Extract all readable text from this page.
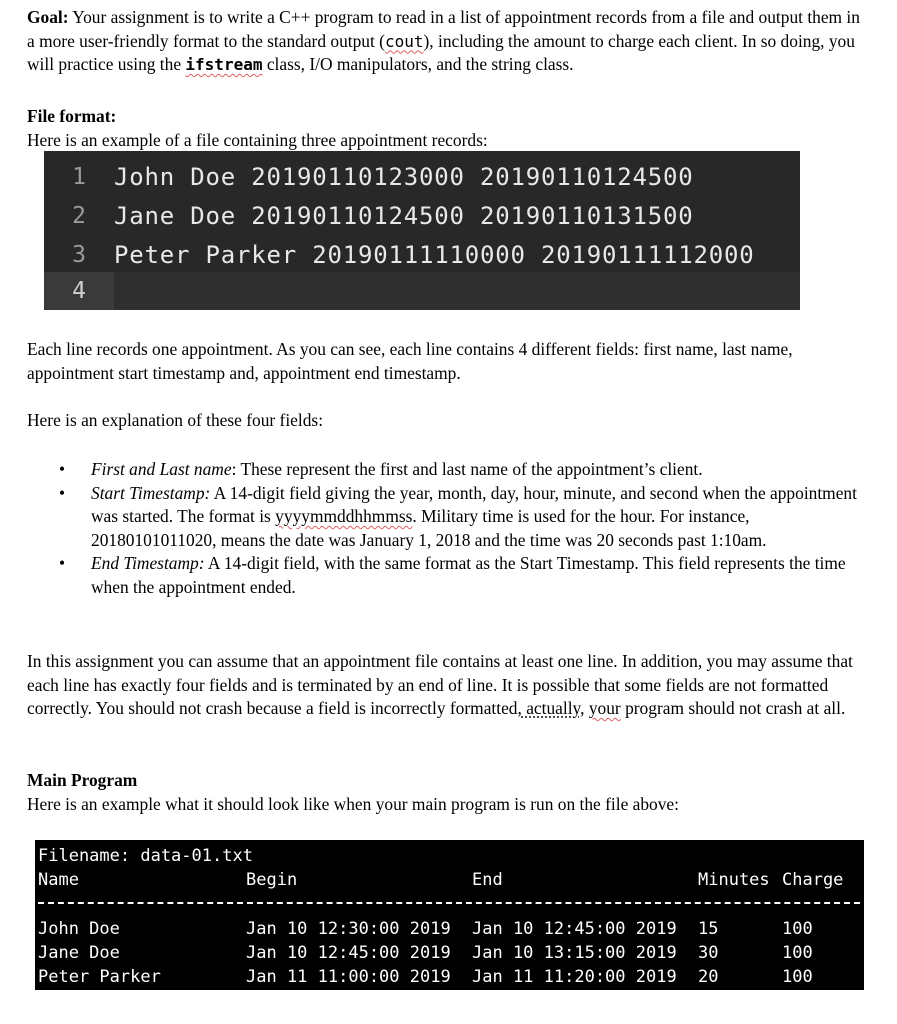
Goal: Your assignment is to write a C++ program to read in a list of appointment records from a file and output them in a more user-friendly format to the standard output (cout), including the amount to charge each client. In so doing, you will practice using the ifstream class, I/O manipulators, and the string class.

File format:

Here is an example of a file containing three appointment records:

1
2
3
4
John Doe 20190110123000 20190110124500
Jane Doe 20190110124500 20190110131500
Peter Parker 20190111110000 20190111112000

Each line records one appointment. As you can see, each line contains 4 different fields: first name, last name, appointment start timestamp and, appointment end timestamp.

Here is an explanation of these four fields:

• First and Last name: These represent the first and last name of the appointment’s client.
• Start Timestamp: A 14-digit field giving the year, month, day, hour, minute, and second when the appointment was started. The format is yyyymmddhhmmss. Military time is used for the hour. For instance, 20180101011020, means the date was January 1, 2018 and the time was 20 seconds past 1:10am.
• End Timestamp: A 14-digit field, with the same format as the Start Timestamp. This field represents the time when the appointment ended.

In this assignment you can assume that an appointment file contains at least one line. In addition, you may assume that each line has exactly four fields and is terminated by an end of line. It is possible that some fields are not formatted correctly. You should not crash because a field is incorrectly formatted, actually, your program should not crash at all.

Main Program

Here is an example what it should look like when your main program is run on the file above:

Filename: data-01.txt
Name	Begin	End	Minutes Charge
John Doe	Jan 10 12:30:00 2019 Jan 10 12:45:00 2019 15	100
Jane Doe	Jan 10 12:45:00 2019 Jan 10 13:15:00 2019 30	100
Peter Parker	Jan 11 11:00:00 2019 Jan 11 11:20:00 2019 20	100
